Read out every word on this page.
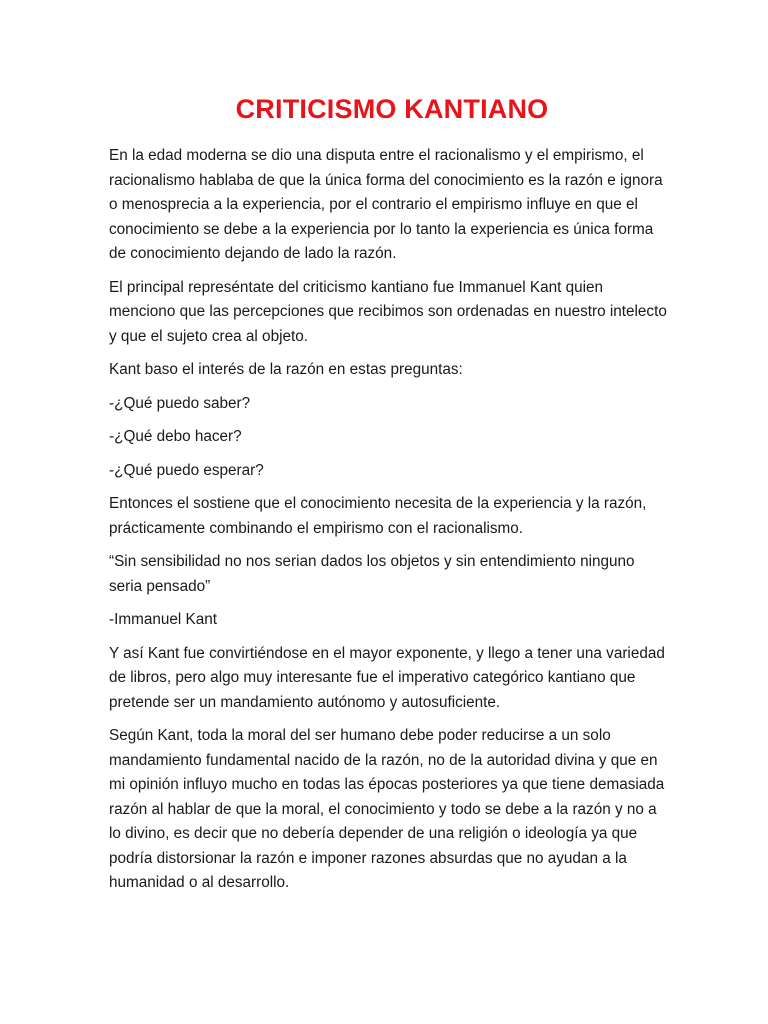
CRITICISMO KANTIANO

En la edad moderna se dio una disputa entre el racionalismo y el empirismo, el racionalismo hablaba de que la única forma del conocimiento es la razón e ignora o menosprecia a la experiencia, por el contrario el empirismo influye en que el conocimiento se debe a la experiencia por lo tanto la experiencia es única forma de conocimiento dejando de lado la razón.

El principal represéntate del criticismo kantiano fue Immanuel Kant quien menciono que las percepciones que recibimos son ordenadas en nuestro intelecto y que el sujeto crea al objeto.

Kant baso el interés de la razón en estas preguntas:

-¿Qué puedo saber?

-¿Qué debo hacer?

-¿Qué puedo esperar?

Entonces el sostiene que el conocimiento necesita de la experiencia y la razón, prácticamente combinando el empirismo con el racionalismo.

“Sin sensibilidad no nos serian dados los objetos y sin entendimiento ninguno seria pensado”

-Immanuel Kant

Y así Kant fue convirtiéndose en el mayor exponente, y llego a tener una variedad de libros, pero algo muy interesante fue el imperativo categórico kantiano que pretende ser un mandamiento autónomo y autosuficiente.

Según Kant, toda la moral del ser humano debe poder reducirse a un solo mandamiento fundamental nacido de la razón, no de la autoridad divina y que en mi opinión influyo mucho en todas las épocas posteriores ya que tiene demasiada razón al hablar de que la moral, el conocimiento y todo se debe a la razón y no a lo divino, es decir que no debería depender de una religión o ideología ya que podría distorsionar la razón e imponer razones absurdas que no ayudan a la humanidad o al desarrollo.
